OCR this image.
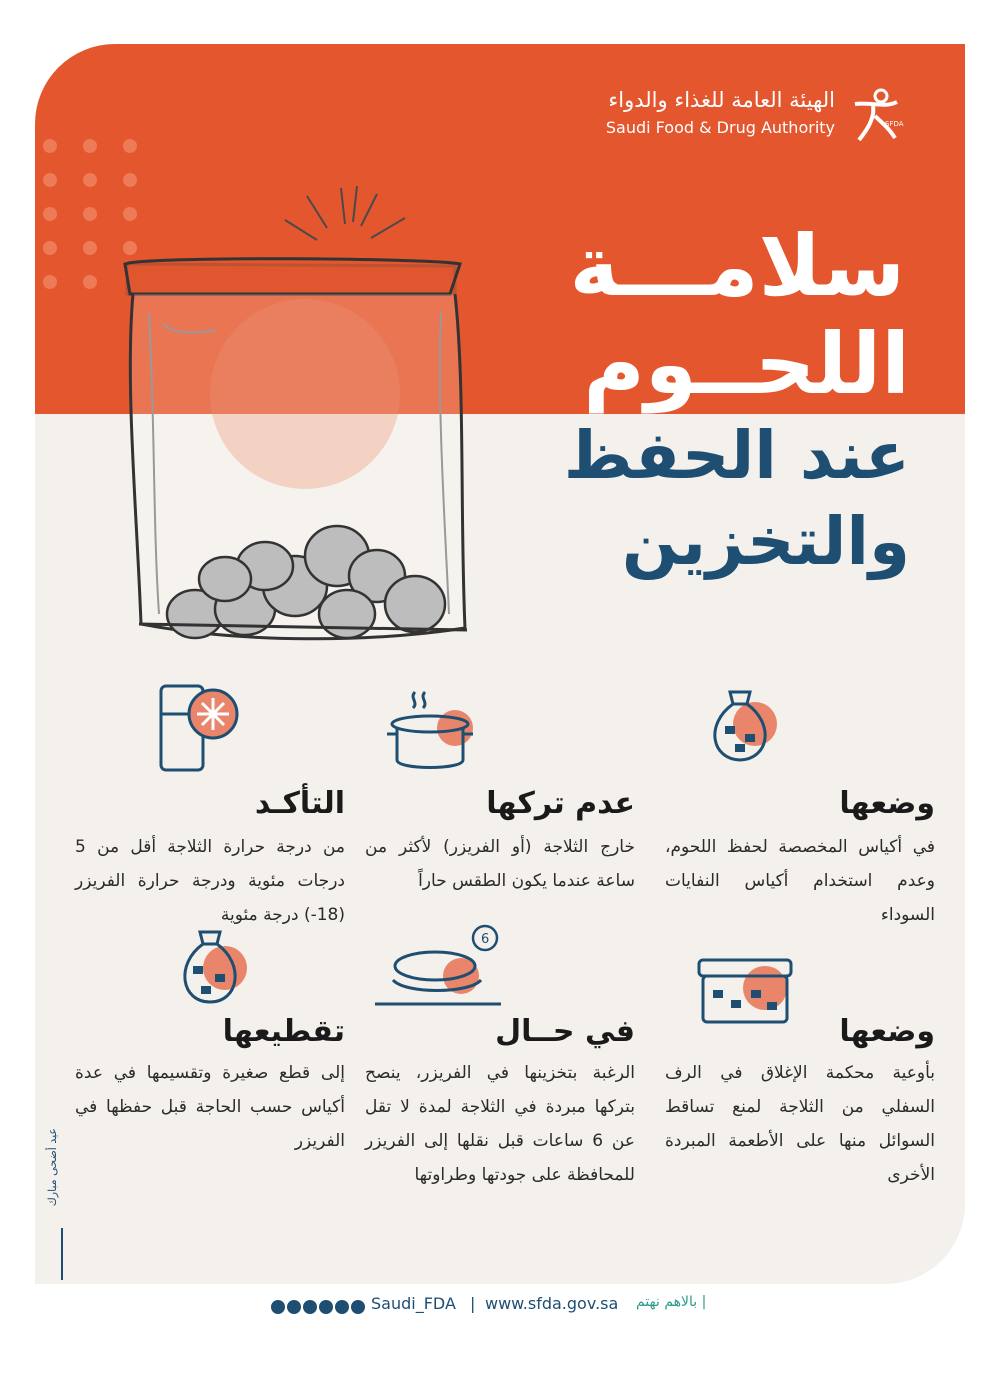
الهيئة العامة للغذاء والدواء
Saudi Food & Drug Authority	SFDA
سلامـــة
اللحــوم
عند الحفظ
والتخزين
وضعها

في أكياس المخصصة لحفظ اللحوم، وعدم استخدام أكياس النفايات السوداء

عدم تركها

خارج الثلاجة (أو الفريزر) لأكثر من ساعة عندما يكون الطقس حاراً

التأكـد

من درجة حرارة الثلاجة أقل من 5 درجات مئوية ودرجة حرارة الفريزر (18-) درجة مئوية

وضعها

بأوعية محكمة الإغلاق في الرف السفلي من الثلاجة لمنع تساقط السوائل منها على الأطعمة المبردة الأخرى

6
في حــال

الرغبة بتخزينها في الفريزر، ينصح بتركها مبردة في الثلاجة لمدة لا تقل عن 6 ساعات قبل نقلها إلى الفريزر للمحافظة على جودتها وطراوتها

تقطيعها

إلى قطع صغيرة وتقسيمها في عدة أكياس حسب الحاجة قبل حفظها في الفريزر

عيد أضحى مبارك
Saudi_FDA | www.sfda.gov.sa | بالاهم نهتم
